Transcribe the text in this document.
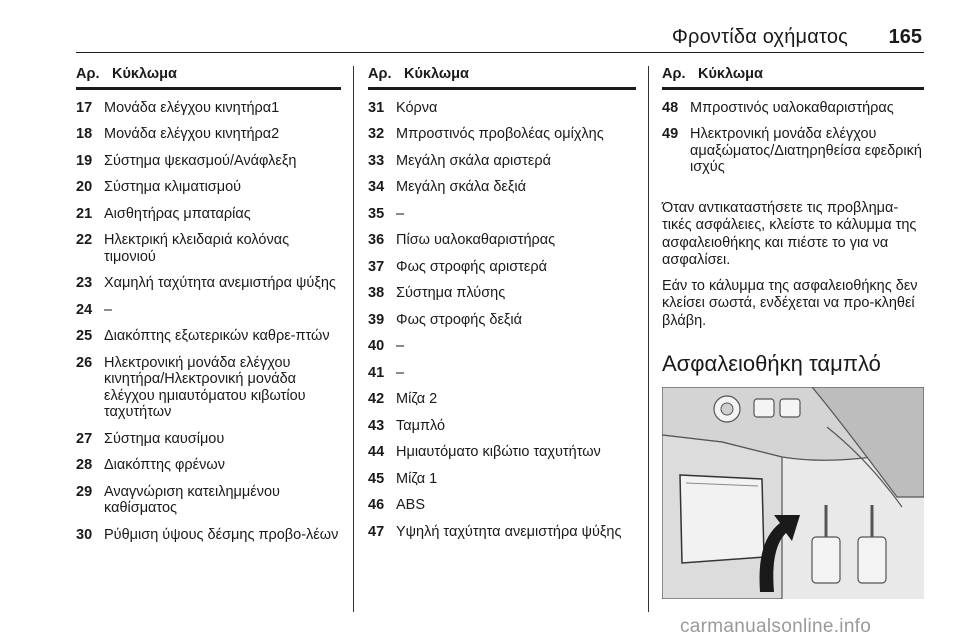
Φροντίδα οχήματος 165
Αρ. Κύκλωμα
17 Μονάδα ελέγχου κινητήρα1
18 Μονάδα ελέγχου κινητήρα2
19 Σύστημα ψεκασμού/Ανάφλεξη
20 Σύστημα κλιματισμού
21 Αισθητήρας μπαταρίας
22 Ηλεκτρική κλειδαριά κολόνας τιμονιού
23 Χαμηλή ταχύτητα ανεμιστήρα ψύξης
24 –
25 Διακόπτης εξωτερικών καθρε-πτών
26 Ηλεκτρονική μονάδα ελέγχου κινητήρα/Ηλεκτρονική μονάδα ελέγχου ημιαυτόματου κιβωτίου ταχυτήτων
27 Σύστημα καυσίμου
28 Διακόπτης φρένων
29 Αναγνώριση κατειλημμένου καθίσματος
30 Ρύθμιση ύψους δέσμης προβο-λέων
Αρ. Κύκλωμα
31 Κόρνα
32 Μπροστινός προβολέας ομίχλης
33 Μεγάλη σκάλα αριστερά
34 Μεγάλη σκάλα δεξιά
35 –
36 Πίσω υαλοκαθαριστήρας
37 Φως στροφής αριστερά
38 Σύστημα πλύσης
39 Φως στροφής δεξιά
40 –
41 –
42 Μίζα 2
43 Ταμπλό
44 Ημιαυτόματο κιβώτιο ταχυτήτων
45 Μίζα 1
46 ABS
47 Υψηλή ταχύτητα ανεμιστήρα ψύξης
Αρ. Κύκλωμα
48 Μπροστινός υαλοκαθαριστήρας
49 Ηλεκτρονική μονάδα ελέγχου αμαξώματος/Διατηρηθείσα εφεδρική ισχύς

Όταν αντικαταστήσετε τις προβλημα-τικές ασφάλειες, κλείστε το κάλυμμα της ασφαλειοθήκης και πιέστε το για να ασφαλίσει.

Εάν το κάλυμμα της ασφαλειοθήκης δεν κλείσει σωστά, ενδέχεται να προ-κληθεί βλάβη.

Ασφαλειοθήκη ταμπλό
carmanualsonline.info
